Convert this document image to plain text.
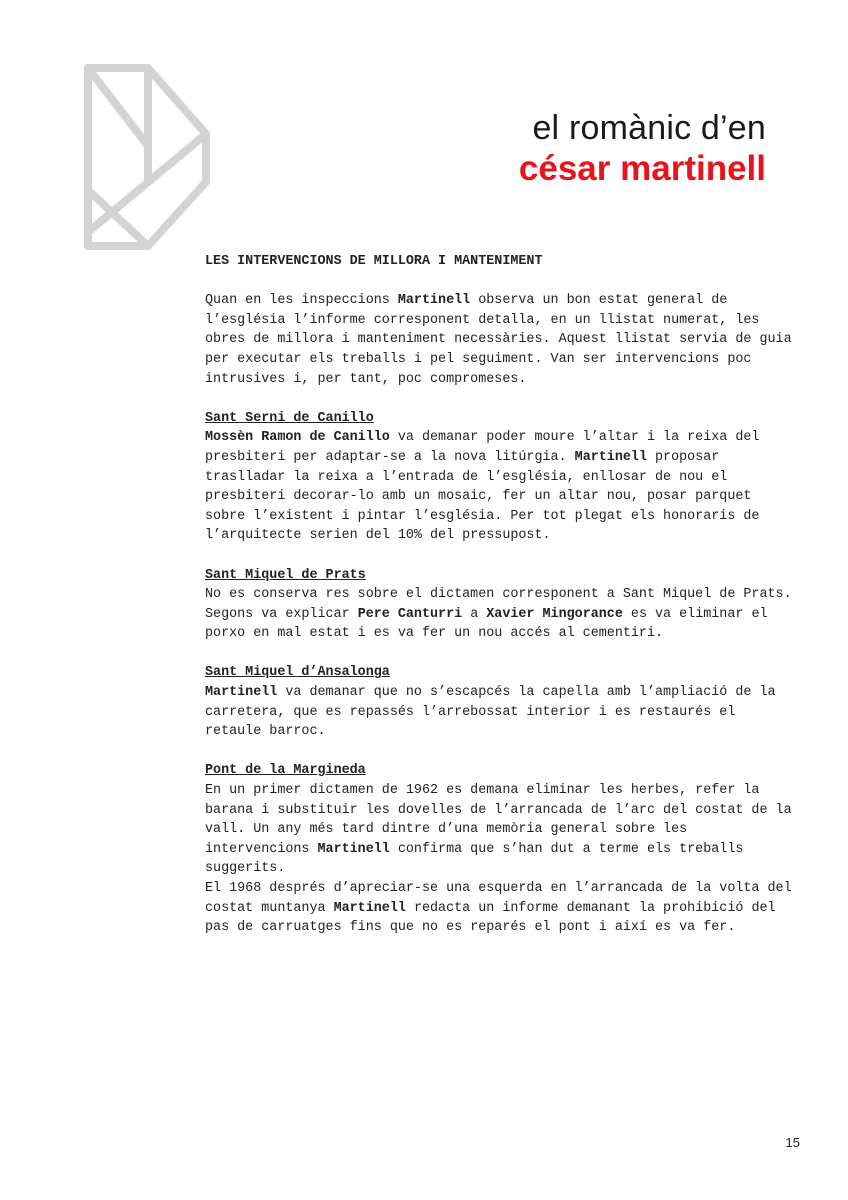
el romànic d’en
césar martinell
LES INTERVENCIONS DE MILLORA I MANTENIMENT

Quan en les inspeccions Martinell observa un bon estat general de l’església l’informe corresponent detalla, en un llistat numerat, les obres de millora i manteniment necessàries. Aquest llistat servia de guia per executar els treballs i pel seguiment. Van ser intervencions poc intrusives i, per tant, poc compromeses.

Sant Serni de Canillo

Mossèn Ramon de Canillo va demanar poder moure l’altar i la reixa del presbiteri per adaptar-se a la nova litúrgia. Martinell proposar traslladar la reixa a l’entrada de l’església, enllosar de nou el presbiteri decorar-lo amb un mosaic, fer un altar nou, posar parquet sobre l’existent i pintar l’església. Per tot plegat els honoraris de l’arquitecte serien del 10% del pressupost.

Sant Miquel de Prats

No es conserva res sobre el dictamen corresponent a Sant Miquel de Prats. Segons va explicar Pere Canturri a Xavier Mingorance es va eliminar el porxo en mal estat i es va fer un nou accés al cementiri.

Sant Miquel d’Ansalonga

Martinell va demanar que no s’escapcés la capella amb l’ampliació de la carretera, que es repassés l’arrebossat interior i es restaurés el retaule barroc.

Pont de la Margineda

En un primer dictamen de 1962 es demana eliminar les herbes, refer la barana i substituir les dovelles de l’arrancada de l’arc del costat de la vall. Un any més tard dintre d’una memòria general sobre les intervencions Martinell confirma que s’han dut a terme els treballs suggerits.

El 1968 després d’apreciar-se una esquerda en l’arrancada de la volta del costat muntanya Martinell redacta un informe demanant la prohibició del pas de carruatges fins que no es reparés el pont i així es va fer.

15
